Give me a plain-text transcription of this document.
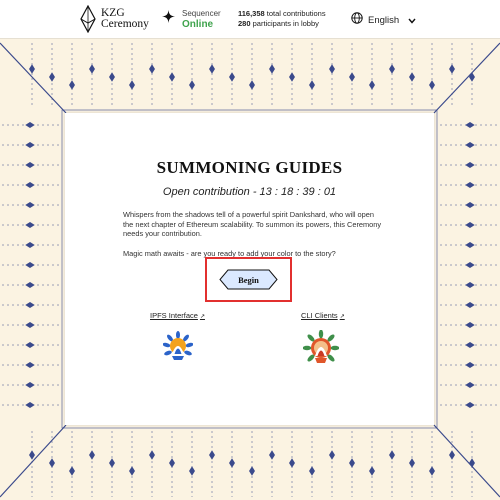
KZG
Ceremony
Sequencer
Online
116,358 total contributions
280 participants in lobby	English
SUMMONING GUIDES
Open contribution - 13 : 18 : 39 : 01

Whispers from the shadows tell of a powerful spirit Dankshard, who will open the next chapter of Ethereum scalability. To summon its powers, this Ceremony needs your contribution.

Magic math awaits - are you ready to add your color to the story?

Begin
IPFS Interface ↗	CLI Clients ↗
